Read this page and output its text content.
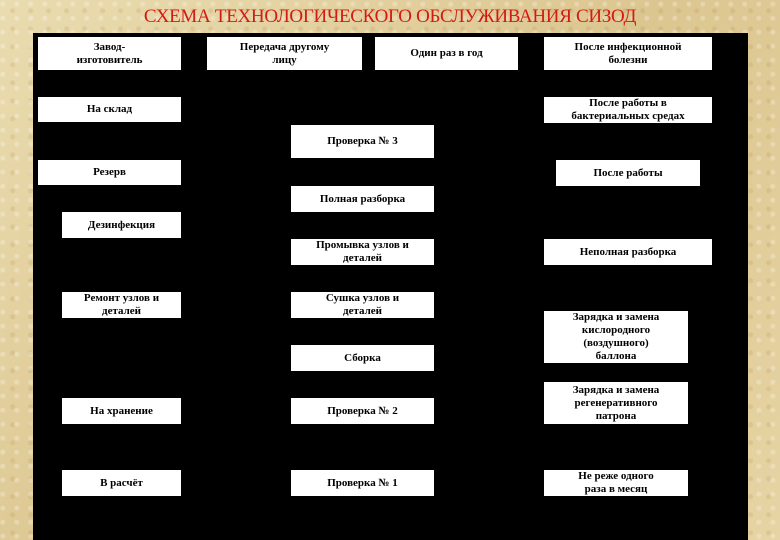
СХЕМА ТЕХНОЛОГИЧЕСКОГО ОБСЛУЖИВАНИЯ СИЗОД
Завод-
изготовитель
На склад
Резерв
Дезинфекция
Ремонт узлов и
деталей
На хранение
В расчёт
Передача другому
лицу
Проверка № 3
Полная разборка
Промывка узлов и
деталей
Сушка узлов и
деталей
Сборка
Проверка № 2
Проверка № 1
Один раз в год
После инфекционной
болезни
После работы в
бактериальных средах
После работы
Неполная разборка
Зарядка и замена
кислородного
(воздушного)
баллона
Зарядка и замена
регенеративного
патрона
Не реже одного
раза в месяц
